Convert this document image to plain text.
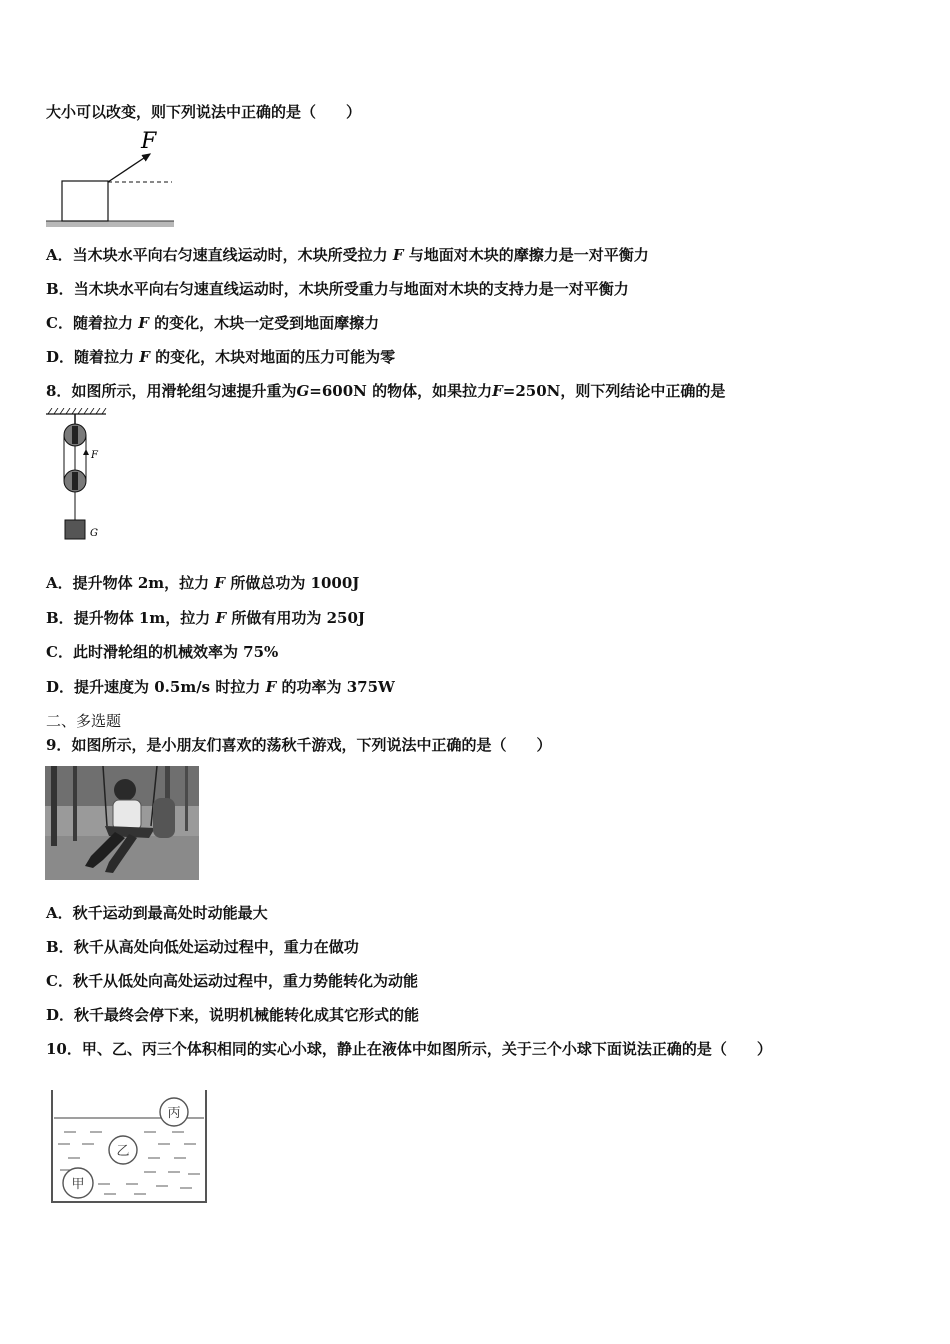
大小可以改变，则下列说法中正确的是（　　）
F
A．当木块水平向右匀速直线运动时，木块所受拉力 F 与地面对木块的摩擦力是一对平衡力
B．当木块水平向右匀速直线运动时，木块所受重力与地面对木块的支持力是一对平衡力
C．随着拉力 F 的变化，木块一定受到地面摩擦力
D．随着拉力 F 的变化，木块对地面的压力可能为零
8．如图所示，用滑轮组匀速提升重为G=600N 的物体，如果拉力F=250N，则下列结论中正确的是
F
G
A．提升物体 2m，拉力 F 所做总功为 1000J
B．提升物体 1m，拉力 F 所做有用功为 250J
C．此时滑轮组的机械效率为 75%
D．提升速度为 0.5m/s 时拉力 F 的功率为 375W
二、多选题
9．如图所示，是小朋友们喜欢的荡秋千游戏，下列说法中正确的是（　　）
A．秋千运动到最高处时动能最大
B．秋千从高处向低处运动过程中，重力在做功
C．秋千从低处向高处运动过程中，重力势能转化为动能
D．秋千最终会停下来，说明机械能转化成其它形式的能
10．甲、乙、丙三个体积相同的实心小球，静止在液体中如图所示，关于三个小球下面说法正确的是（　　）
丙
乙
甲
